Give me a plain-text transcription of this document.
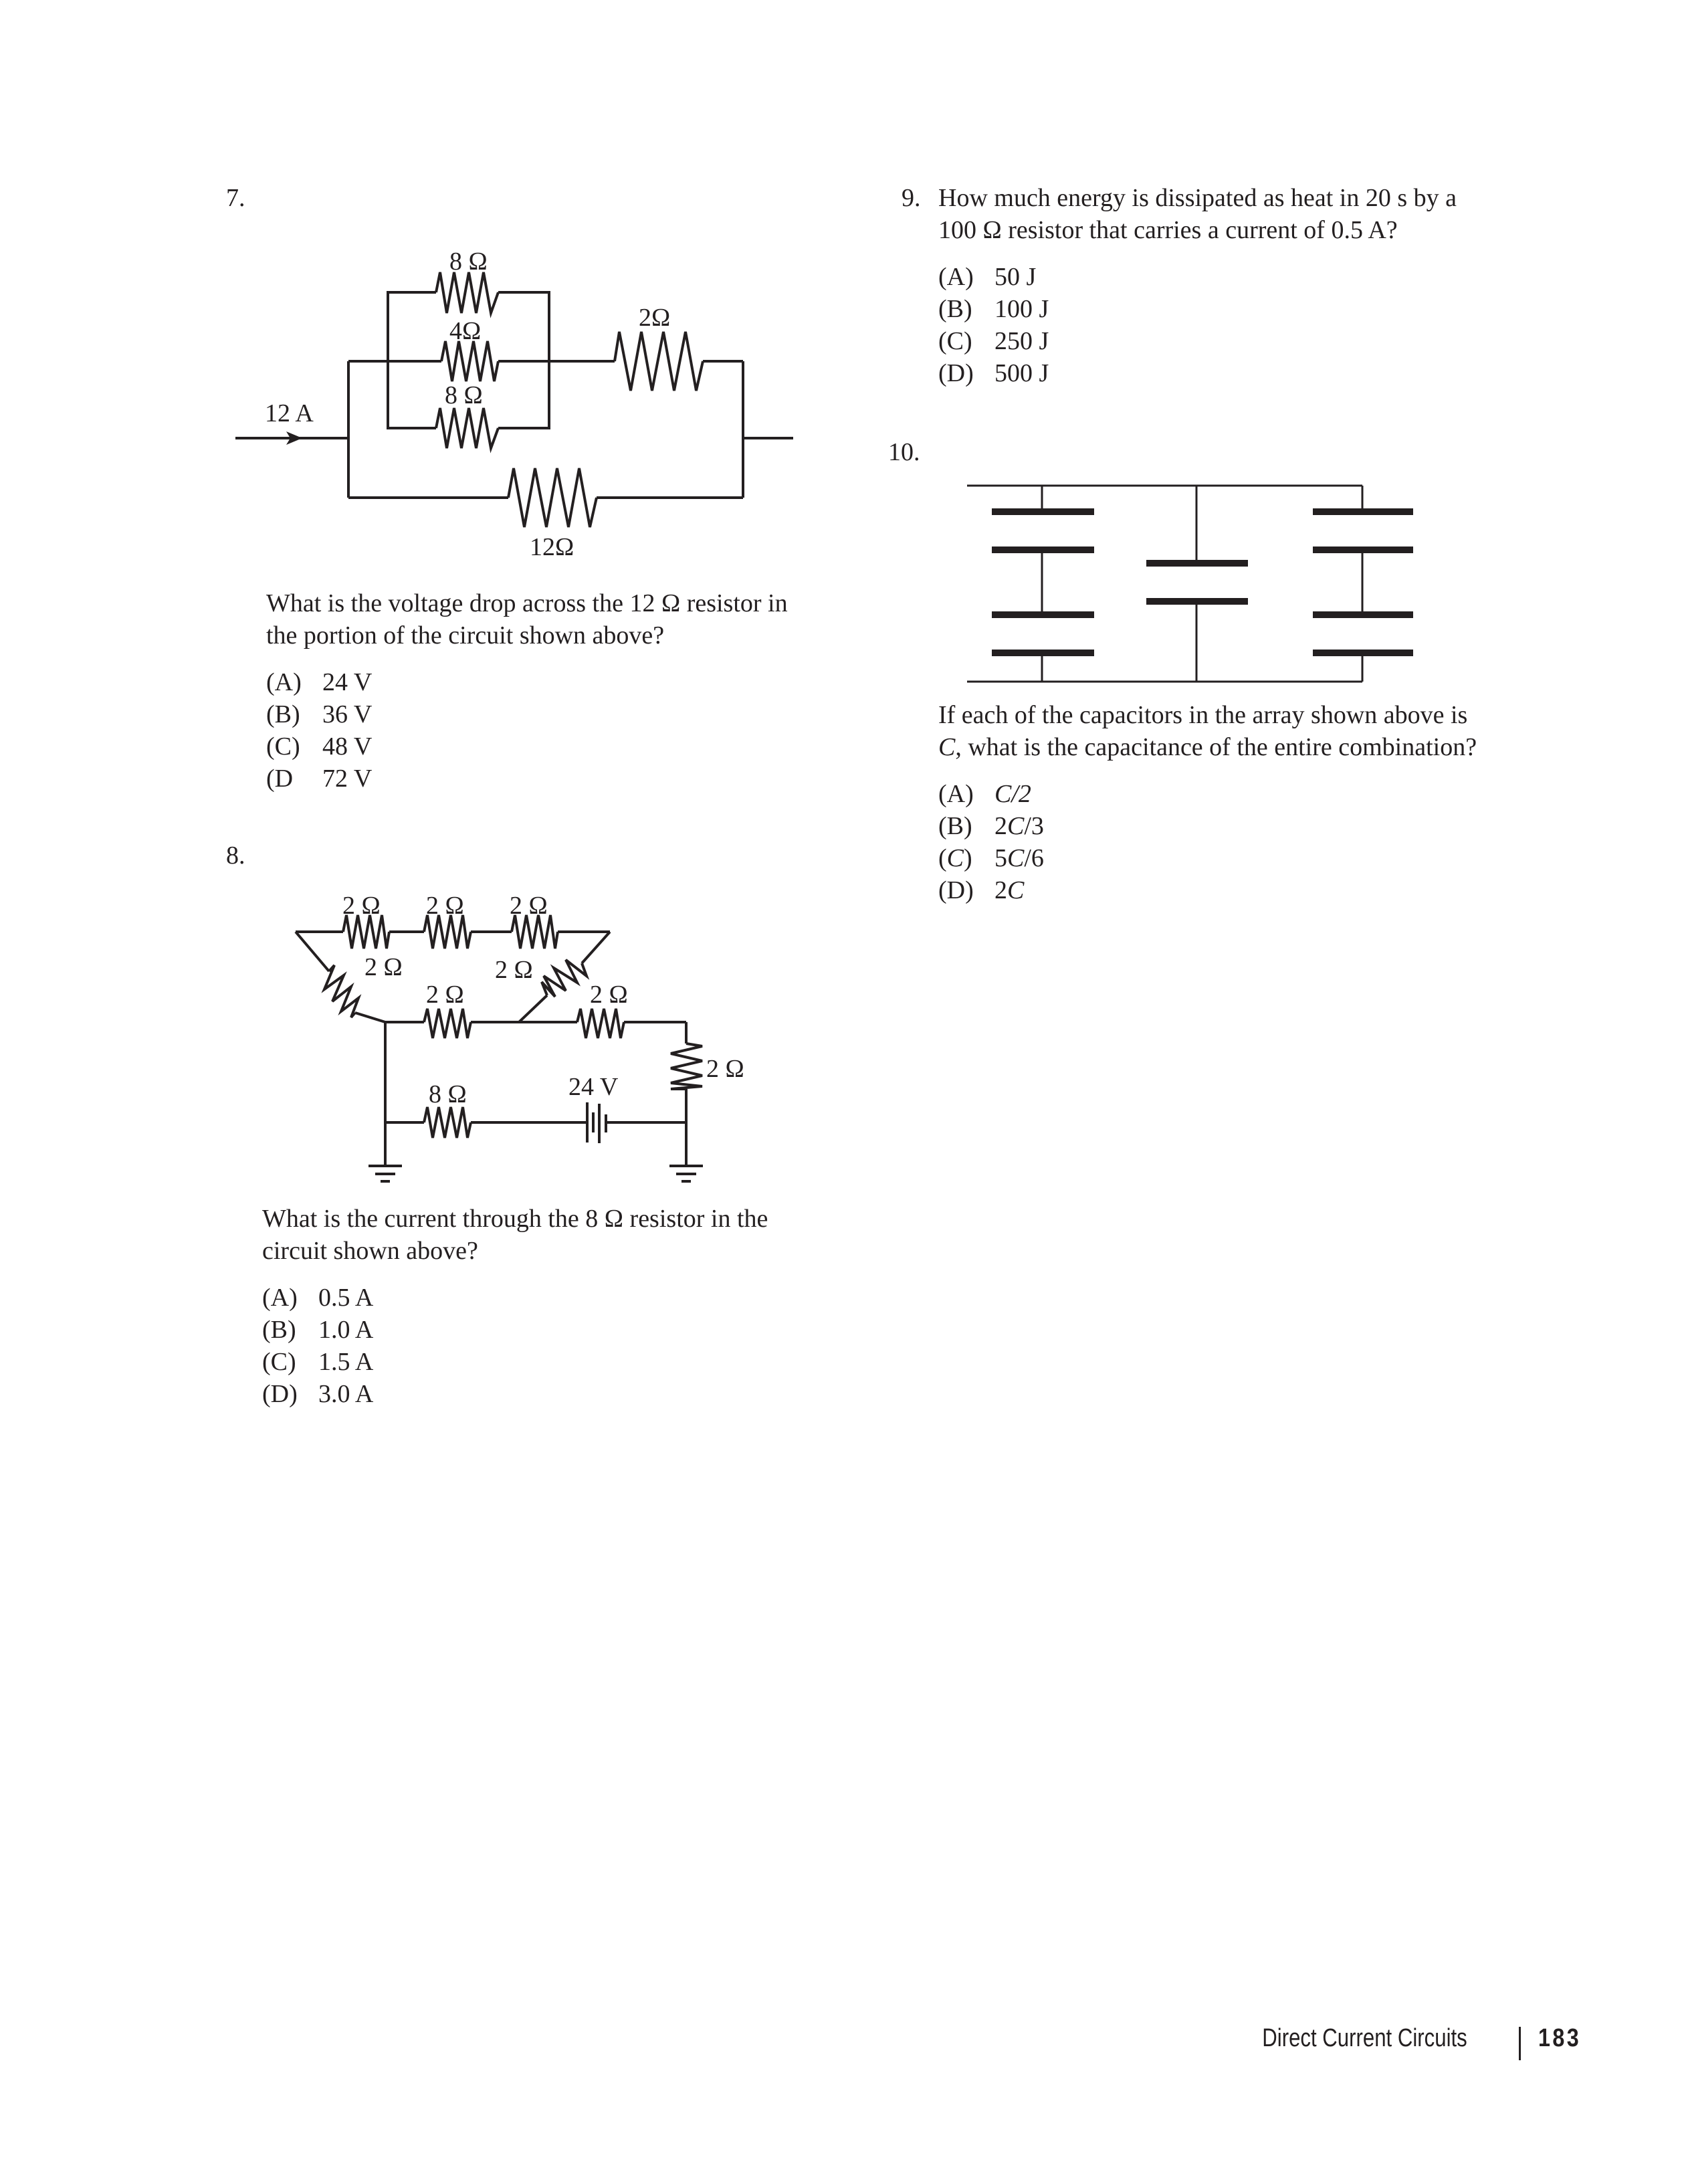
7.
12 A
8 Ω
4Ω
8 Ω
2Ω
12Ω
What is the voltage drop across the 12 Ω resistor in
the portion of the circuit shown above?
(A) 24 V
(B) 36 V
(C) 48 V
(D	72 V
8.
2 Ω 2 Ω 2 Ω
2 Ω	2 Ω
2 Ω	2 Ω
2 Ω
8 Ω	24 V
What is the current through the 8 Ω resistor in the
circuit shown above?
(A) 0.5 A
(B) 1.0 A
(C) 1.5 A
(D) 3.0 A
9. How much energy is dissipated as heat in 20 s by a
100 Ω resistor that carries a current of 0.5 A?
(A) 50 J
(B) 100 J
(C) 250 J
(D) 500 J
10.
If each of the capacitors in the array shown above is
C, what is the capacitance of the entire combination?
(A) C/2
(B) 2C/3
(C) 5C/6
(D) 2C
Direct Current Circuits	183
